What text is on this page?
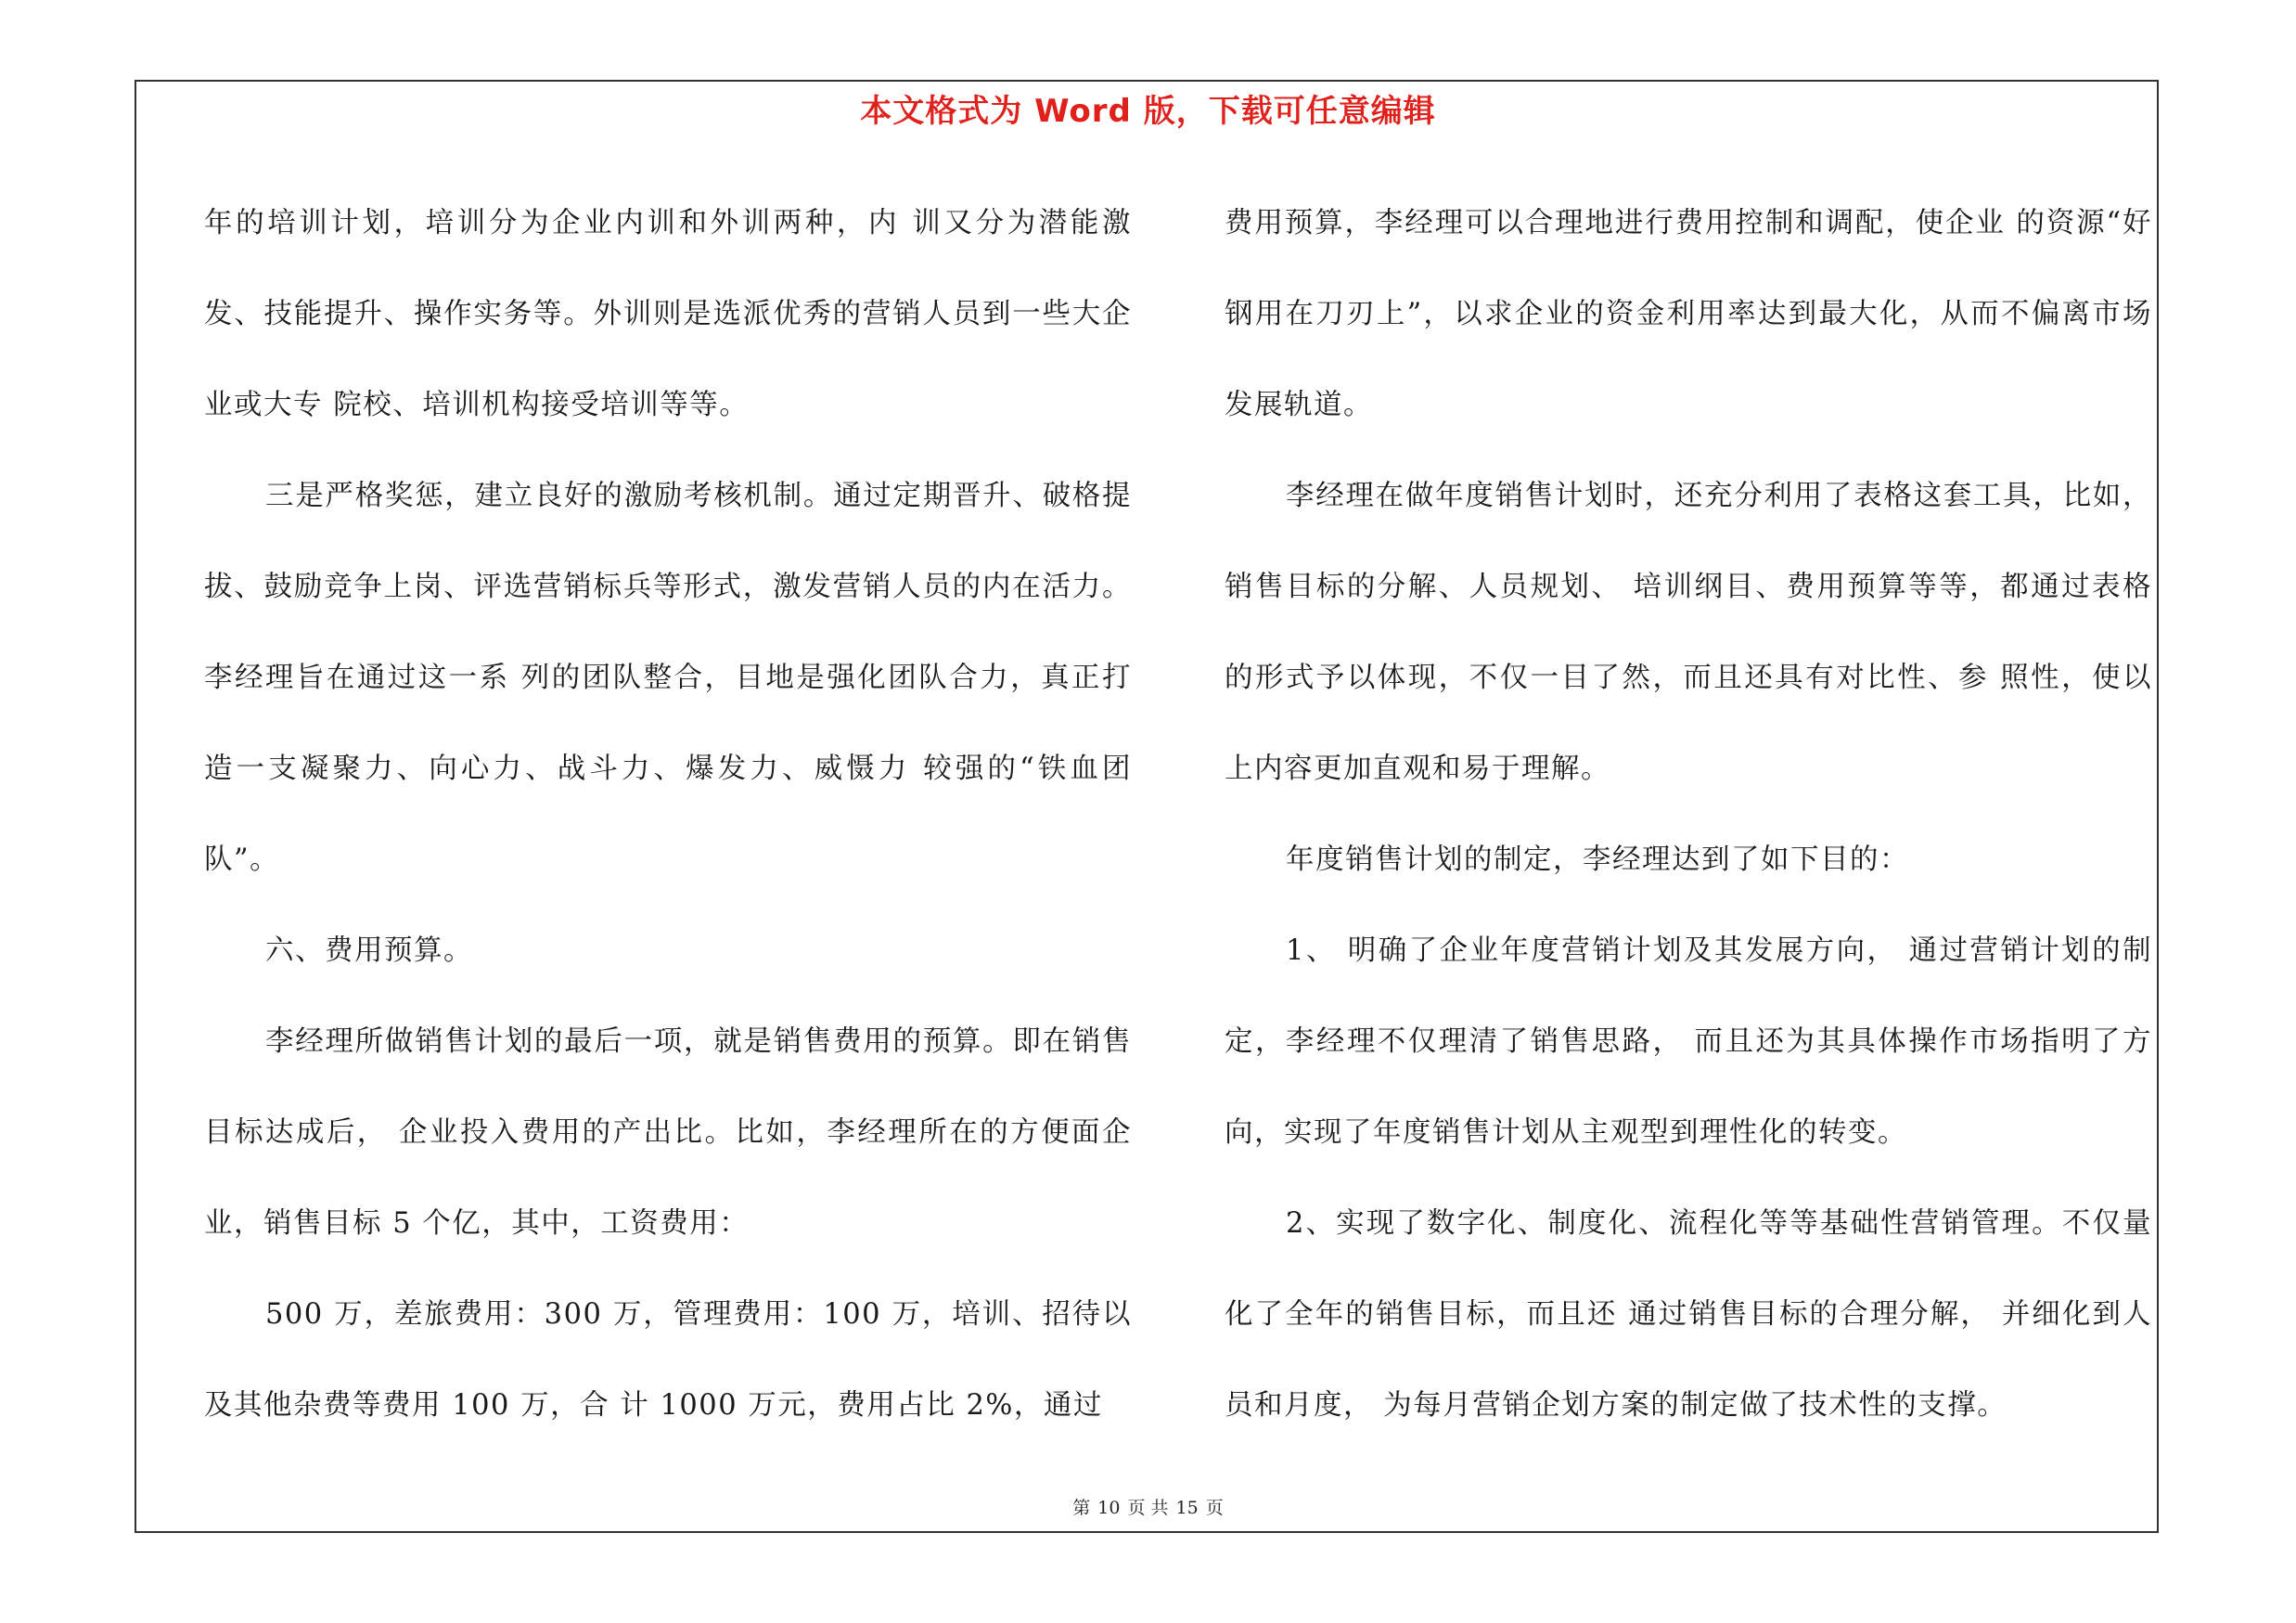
本文格式为 Word 版，下载可任意编辑

年的培训计划，培训分为企业内训和外训两种，内 训又分为潜能激发、技能提升、操作实务等。外训则是选派优秀的营销人员到一些大企业或大专 院校、培训机构接受培训等等。

三是严格奖惩，建立良好的激励考核机制。通过定期晋升、破格提拔、鼓励竞争上岗、评选营销标兵等形式，激发营销人员的内在活力。李经理旨在通过这一系 列的团队整合，目地是强化团队合力，真正打造一支凝聚力、向心力、战斗力、爆发力、威慑力 较强的“铁血团队”。

六、费用预算。

李经理所做销售计划的最后一项，就是销售费用的预算。即在销售目标达成后， 企业投入费用的产出比。比如，李经理所在的方便面企业，销售目标 5 个亿，其中，工资费用：

500 万，差旅费用：300 万，管理费用：100 万，培训、招待以及其他杂费等费用 100 万，合 计 1000 万元，费用占比 2%，通过

费用预算，李经理可以合理地进行费用控制和调配，使企业 的资源“好钢用在刀刃上”，以求企业的资金利用率达到最大化，从而不偏离市场发展轨道。

李经理在做年度销售计划时，还充分利用了表格这套工具，比如，销售目标的分解、人员规划、 培训纲目、费用预算等等，都通过表格的形式予以体现，不仅一目了然，而且还具有对比性、参 照性，使以上内容更加直观和易于理解。

年度销售计划的制定，李经理达到了如下目的：

1、 明确了企业年度营销计划及其发展方向， 通过营销计划的制定，李经理不仅理清了销售思路， 而且还为其具体操作市场指明了方向，实现了年度销售计划从主观型到理性化的转变。

2、实现了数字化、制度化、流程化等等基础性营销管理。不仅量化了全年的销售目标，而且还 通过销售目标的合理分解， 并细化到人员和月度， 为每月营销企划方案的制定做了技术性的支撑。

第 10 页 共 15 页
